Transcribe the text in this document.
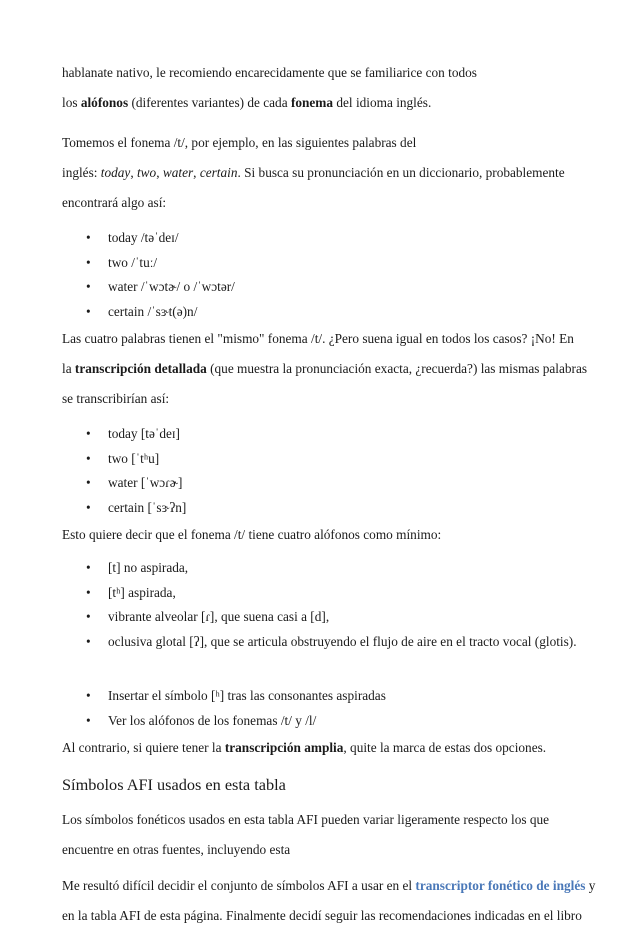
hablanate nativo, le recomiendo encarecidamente que se familiarice con todos
los alófonos (diferentes variantes) de cada fonema del idioma inglés.

Tomemos el fonema /t/, por ejemplo, en las siguientes palabras del
inglés: today, two, water, certain. Si busca su pronunciación en un diccionario, probablemente
encontrará algo así:

• today /təˈdeɪ/
• two /ˈtuː/
• water /ˈwɔtɚ/ o /ˈwɔtər/
• certain /ˈsɝt(ə)n/

Las cuatro palabras tienen el "mismo" fonema /t/. ¿Pero suena igual en todos los casos? ¡No! En
la transcripción detallada (que muestra la pronunciación exacta, ¿recuerda?) las mismas palabras
se transcribirían así:

• today [təˈdeɪ]
• two [ˈtʰu]
• water [ˈwɔɾɚ]
• certain [ˈsɝʔn]

Esto quiere decir que el fonema /t/ tiene cuatro alófonos como mínimo:

• [t] no aspirada,
• [tʰ] aspirada,
• vibrante alveolar [ɾ], que suena casi a [d],
• oclusiva glotal [ʔ], que se articula obstruyendo el flujo de aire en el tracto vocal (glotis).
• Insertar el símbolo [ʰ] tras las consonantes aspiradas
• Ver los alófonos de los fonemas /t/ y /l/

Al contrario, si quiere tener la transcripción amplia, quite la marca de estas dos opciones.

Símbolos AFI usados en esta tabla

Los símbolos fonéticos usados en esta tabla AFI pueden variar ligeramente respecto los que
encuentre en otras fuentes, incluyendo esta

Me resultó difícil decidir el conjunto de símbolos AFI a usar en el transcriptor fonético de inglés y
en la tabla AFI de esta página. Finalmente decidí seguir las recomendaciones indicadas en el libro
